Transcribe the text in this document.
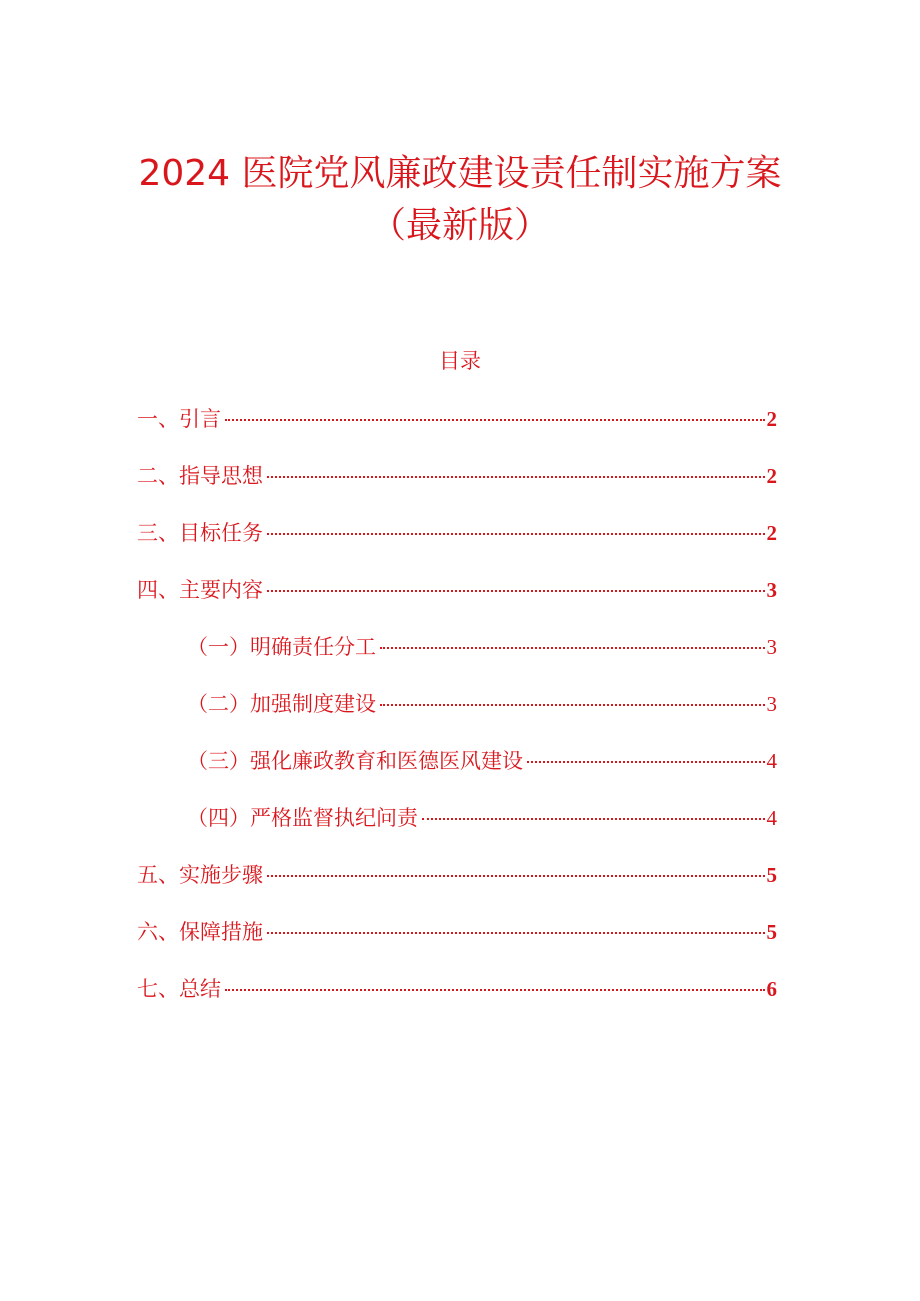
2024 医院党风廉政建设责任制实施方案
（最新版）
目录
一、引言	2
二、指导思想	2
三、目标任务	2
四、主要内容	3
（一）明确责任分工	3
（二）加强制度建设	3
（三）强化廉政教育和医德医风建设	4
（四）严格监督执纪问责	4
五、实施步骤	5
六、保障措施	5
七、总结	6
